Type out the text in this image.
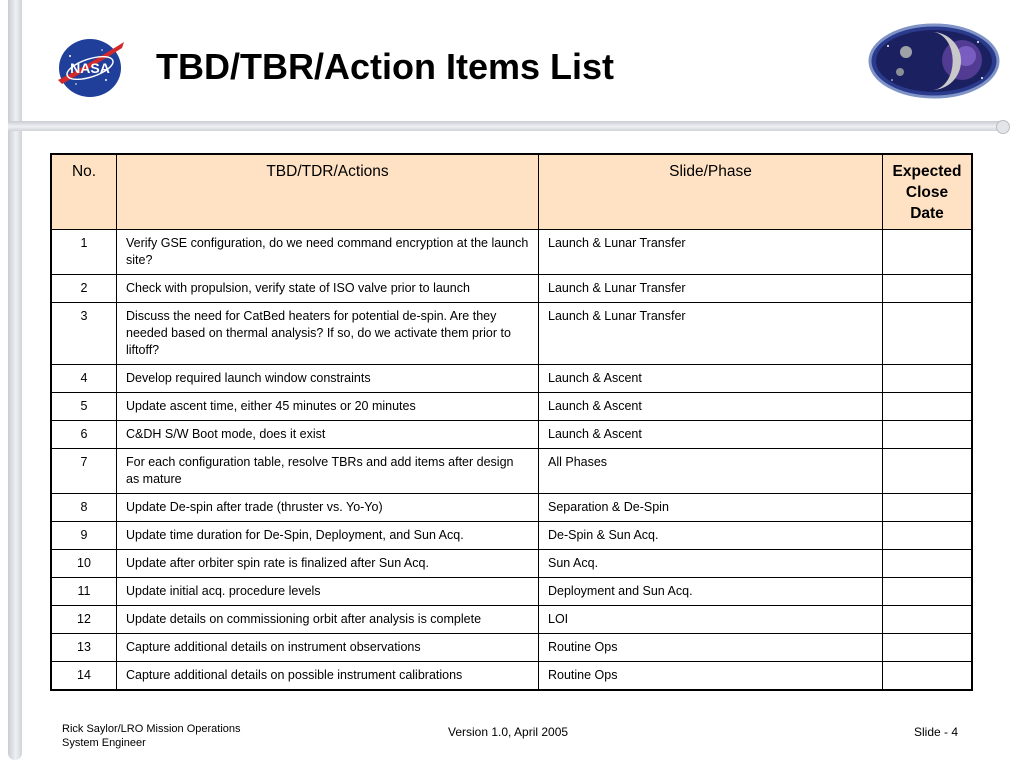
NASA TBD/TBR/Action Items List
No.	TBD/TDR/Actions	Slide/Phase	Expected Close Date
1	Verify GSE configuration, do we need command encryption at the launch site?	Launch & Lunar Transfer	
2	Check with propulsion, verify state of ISO valve prior to launch	Launch & Lunar Transfer	
3	Discuss the need for CatBed heaters for potential de-spin. Are they needed based on thermal analysis? If so, do we activate them prior to liftoff?	Launch & Lunar Transfer	
4	Develop required launch window constraints	Launch & Ascent	
5	Update ascent time, either 45 minutes or 20 minutes	Launch & Ascent	
6	C&DH S/W Boot mode, does it exist	Launch & Ascent	
7	For each configuration table, resolve TBRs and add items after design as mature	All Phases	
8	Update De-spin after trade (thruster vs. Yo-Yo)	Separation & De-Spin	
9	Update time duration for De-Spin, Deployment, and Sun Acq.	De-Spin & Sun Acq.	
10	Update after orbiter spin rate is finalized after Sun Acq.	Sun Acq.	
11	Update initial acq. procedure levels	Deployment and Sun Acq.	
12	Update details on commissioning orbit after analysis is complete	LOI	
13	Capture additional details on instrument observations	Routine Ops	
14	Capture additional details on possible instrument calibrations	Routine Ops	
Rick Saylor/LRO Mission Operations
System Engineer
Version 1.0, April 2005	Slide - 4
